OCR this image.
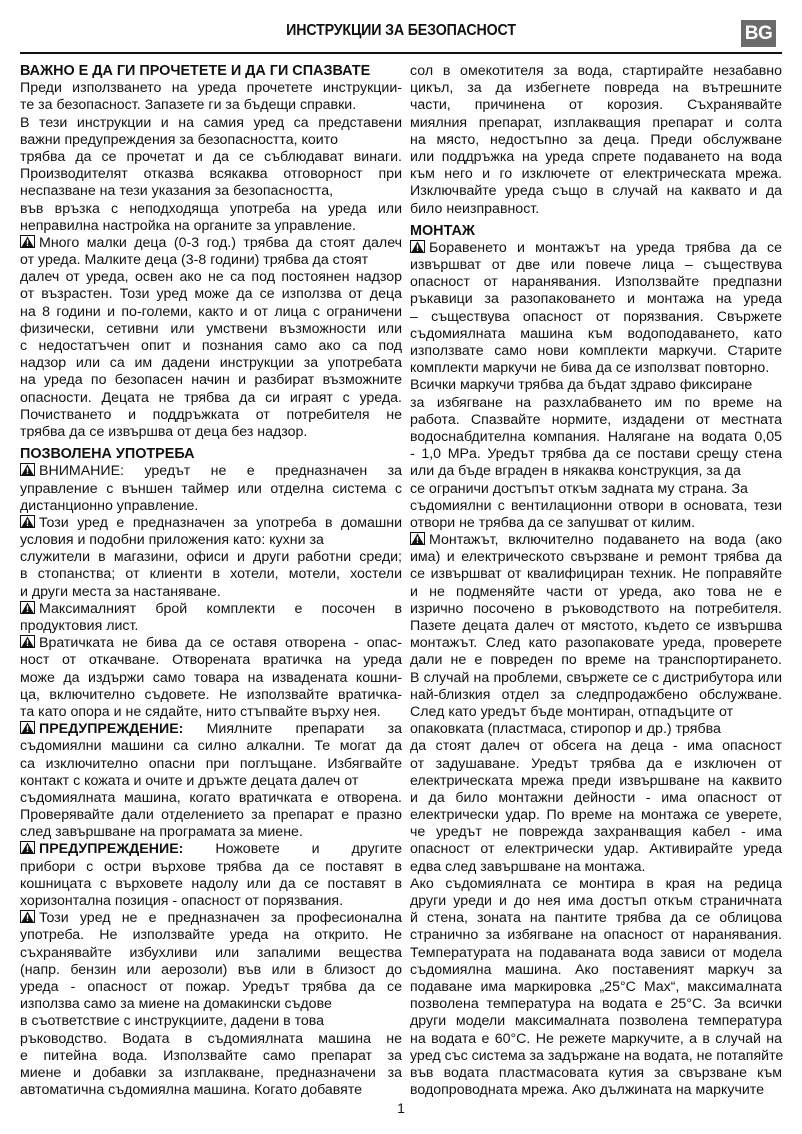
ИНСТРУКЦИИ ЗА БЕЗОПАСНОСТ	BG
ВАЖНО Е ДА ГИ ПРОЧЕТЕТЕ И ДА ГИ СПАЗВАТЕ
Преди използването на уреда прочетете инструкции-
те за безопасност. Запазете ги за бъдещи справки.
В тези инструкции и на самия уред са представени
важни предупреждения за безопасността, които
трябва да се прочетат и да се съблюдават винаги.
Производителят отказва всякаква отговорност при
неспазване на тези указания за безопасността,
във връзка с неподходяща употреба на уреда или
неправилна настройка на органите за управление.
Много малки деца (0-3 год.) трябва да стоят далеч
от уреда. Малките деца (3-8 години) трябва да стоят
далеч от уреда, освен ако не са под постоянен надзор
от възрастен. Този уред може да се използва от деца
на 8 години и по-големи, както и от лица с ограничени
физически, сетивни или умствени възможности или
с недостатъчен опит и познания само ако са под
надзор или са им дадени инструкции за употребата
на уреда по безопасен начин и разбират възможните
опасности. Децата не трябва да си играят с уреда.
Почистването и поддръжката от потребителя не
трябва да се извършва от деца без надзор.
ПОЗВОЛЕНА УПОТРЕБА
ВНИМАНИЕ: уредът не е предназначен за
управление с външен таймер или отделна система с
дистанционно управление.
Този уред е предназначен за употреба в домашни
условия и подобни приложения като: кухни за
служители в магазини, офиси и други работни среди;
в стопанства; от клиенти в хотели, мотели, хостели
и други места за настаняване.
Максималният брой комплекти е посочен в
продуктовия лист.
Вратичката не бива да се оставя отворена - опас-
ност от откачване. Отворената вратичка на уреда
може да издържи само товара на извадената кошни-
ца, включително съдовете. Не използвайте вратичка-
та като опора и не сядайте, нито стъпвайте върху нея.
ПРЕДУПРЕЖДЕНИЕ: Миялните препарати за
съдомиялни машини са силно алкални. Те могат да
са изключително опасни при поглъщане. Избягвайте
контакт с кожата и очите и дръжте децата далеч от
съдомиялната машина, когато вратичката е отворена.
Проверявайте дали отделението за препарат е празно
след завършване на програмата за миене.
ПРЕДУПРЕЖДЕНИЕ: Ножовете и другите
прибори с остри върхове трябва да се поставят в
кошницата с върховете надолу или да се поставят в
хоризонтална позиция - опасност от порязвания.
Този уред не е предназначен за професионална
употреба. Не използвайте уреда на открито. Не
съхранявайте избухливи или запалими вещества
(напр. бензин или аерозоли) във или в близост до
уреда - опасност от пожар. Уредът трябва да се
използва само за миене на домакински съдове
в съответствие с инструкциите, дадени в това
ръководство. Водата в съдомиялната машина не
е питейна вода. Използвайте само препарат за
миене и добавки за изплакване, предназначени за
автоматична съдомиялна машина. Когато добавяте
сол в омекотителя за вода, стартирайте незабавно
цикъл, за да избегнете повреда на вътрешните
части, причинена от корозия. Съхранявайте
миялния препарат, изплакващия препарат и солта
на място, недостъпно за деца. Преди обслужване
или поддръжка на уреда спрете подаването на вода
към него и го изключете от електрическата мрежа.
Изключвайте уреда също в случай на каквато и да
било неизправност.
МОНТАЖ
Боравенето и монтажът на уреда трябва да се
извършват от две или повече лица – съществува
опасност от наранявания. Използвайте предпазни
ръкавици за разопаковането и монтажа на уреда
– съществува опасност от порязвания. Свържете
съдомиялната машина към водоподаването, като
използвате само нови комплекти маркучи. Старите
комплекти маркучи не бива да се използват повторно.
Всички маркучи трябва да бъдат здраво фиксиране
за избягване на разхлабването им по време на
работа. Спазвайте нормите, издадени от местната
водоснабдителна компания. Налягане на водата 0,05
- 1,0 MPa. Уредът трябва да се постави срещу стена
или да бъде вграден в някаква конструкция, за да
се ограничи достъпът откъм задната му страна. За
съдомиялни с вентилационни отвори в основата, тези
отвори не трябва да се запушват от килим.
Монтажът, включително подаването на вода (ако
има) и електрическото свързване и ремонт трябва да
се извършват от квалифициран техник. Не поправяйте
и не подменяйте части от уреда, ако това не е
изрично посочено в ръководството на потребителя.
Пазете децата далеч от мястото, където се извършва
монтажът. След като разопаковате уреда, проверете
дали не е повреден по време на транспортирането.
В случай на проблеми, свържете се с дистрибутора или
най-близкия отдел за следпродажбено обслужване.
След като уредът бъде монтиран, отпадъците от
опаковката (пластмаса, стиропор и др.) трябва
да стоят далеч от обсега на деца - има опасност
от задушаване. Уредът трябва да е изключен от
електрическата мрежа преди извършване на каквито
и да било монтажни дейности - има опасност от
електрически удар. По време на монтажа се уверете,
че уредът не поврежда захранващия кабел - има
опасност от електрически удар. Активирайте уреда
едва след завършване на монтажа.
Ако съдомиялната се монтира в края на редица
други уреди и до нея има достъп откъм страничната
й стена, зоната на пантите трябва да се облицова
странично за избягване на опасност от наранявания.
Температурата на подаваната вода зависи от модела
съдомиялна машина. Ако поставеният маркуч за
подаване има маркировка „25°C Max“, максималната
позволена температура на водата е 25°C. За всички
други модели максималната позволена температура
на водата е 60°C. Не режете маркучите, а в случай на
уред със система за задържане на водата, не потапяйте
във водата пластмасовата кутия за свързване към
водопроводната мрежа. Ако дължината на маркучите
1
